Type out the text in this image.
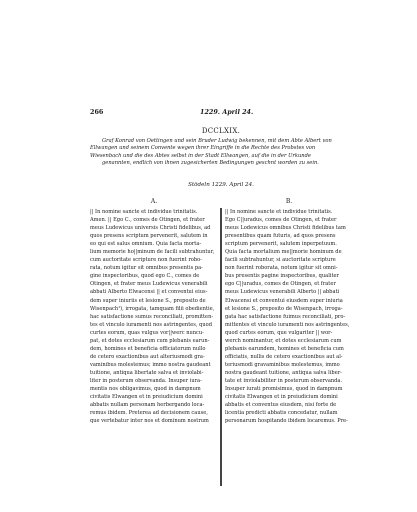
266	1229. April 24.
DCCLXIX.
Graf Konrad von Oettingen und sein Bruder Ludwig bekennen, mit dem Abte Albert von
Ellwangen und seinem Convente wegen ihrer Eingriffe in die Rechte des Probstes von
Wiesenbach und die des Abtes selbst in der Stadt Ellwangen, auf die in der Urkunde
genannten, endlich von ihnen zugesicherten Bedingungen geschnt worden zu sein.
Stödeln 1229. April 24.
A.
|| In nomine sancte et individue trinitatis.
Amen. || Ego C., comes de Otingen, et frater
meus Ludewicus universis Christi fidelibus, ad
quos presens scriptum pervenerit, salutem in
eo qui est salus omnium. Quia facta morta-
lium memorie ho||minum de facili subtrahuntur,
cum auctoritate scripture non fuerint robo-
rata, notum igitur sit omnibus presentis pa-
gine inspectoribus, quod ego C., comes de
Otingen, et frater meus Ludewicus venerabili
abbati Alberto Elwacensi || et conventui eius-
dem super iniuriis et lesione S., preposito de
Wisenpach¹), irrogata, tamquam filii obedientie,
hac satisfactione sumus reconciliati, promitten-
tes et vinculo iuramenti nos astringentes, quod
curtes eorum, quas vulgus vor||werc nuncu-
pat, et dotes ecclesiarum cum plebanis earun-
dem, homines et beneficia officiatorum nullo
de cetero exactionibus aut alteriusmodi gra-
vaminibus molestemus; immo nostra gaudeant
tuitione, antiqua libertate salva et inviolabi-
liter in posterum observanda. Insuper iura-
mentis nos obligavimus, quod in dampnum
civitatis Elwangen et in preiudicium domini
abbatis nullam personam herbergando loca-
remus ibidem. Preterea ad decisionem cause,
que vertebatur inter nos et dominum nostrum
B.
|| In nomine sancte et individue trinitatis.
Ego C||uradus, comes de Otingen, et frater
meus Lodewicus omnibus Christi fidelibus tam
presentibus quam futuris, ad quos presens
scriptum pervenerit, salutem inperpetuum.
Quia facta mortalium me||morie hominum de
facili subtrahuntur, si auctoritate scripture
non fuerint roborata, notum igitur sit omni-
bus presentis pagine inspectoribus, qualiter
ego C||uradus, comes de Otingen, et frater
meus Ludewicus venerabili Alberto || abbati
Elwacensi et conventui eiusdem super iniuria
et lesione S., preposito de Wisenpach, irroga-
gata hac satisfactione fuimus reconciliati, pro-
mittentes et vinculo iuramenti nos astringentes,
quod curtes eorum, que vulgariter || wor-
werch nominantur, et dotes ecclesiarum cum
plebanis earundem, homines et beneficia cum
officiatis, nullis de cetero exactionibus aut al-
teriusmodi gravaminibus molestemus, immo
nostra gaudeant tuitione, antiqua salva liber-
tate et inviolabiliter in posterum observanda.
Insuper iurati promisimus, quod in dampnum
civitatis Elwangen et in preiudicium domini
abbatis et conventus eiusdem, nisi forte de
licentia predicti abbatis concedatur, nullam
personarum hospitando ibidem locaremus. Pre-
